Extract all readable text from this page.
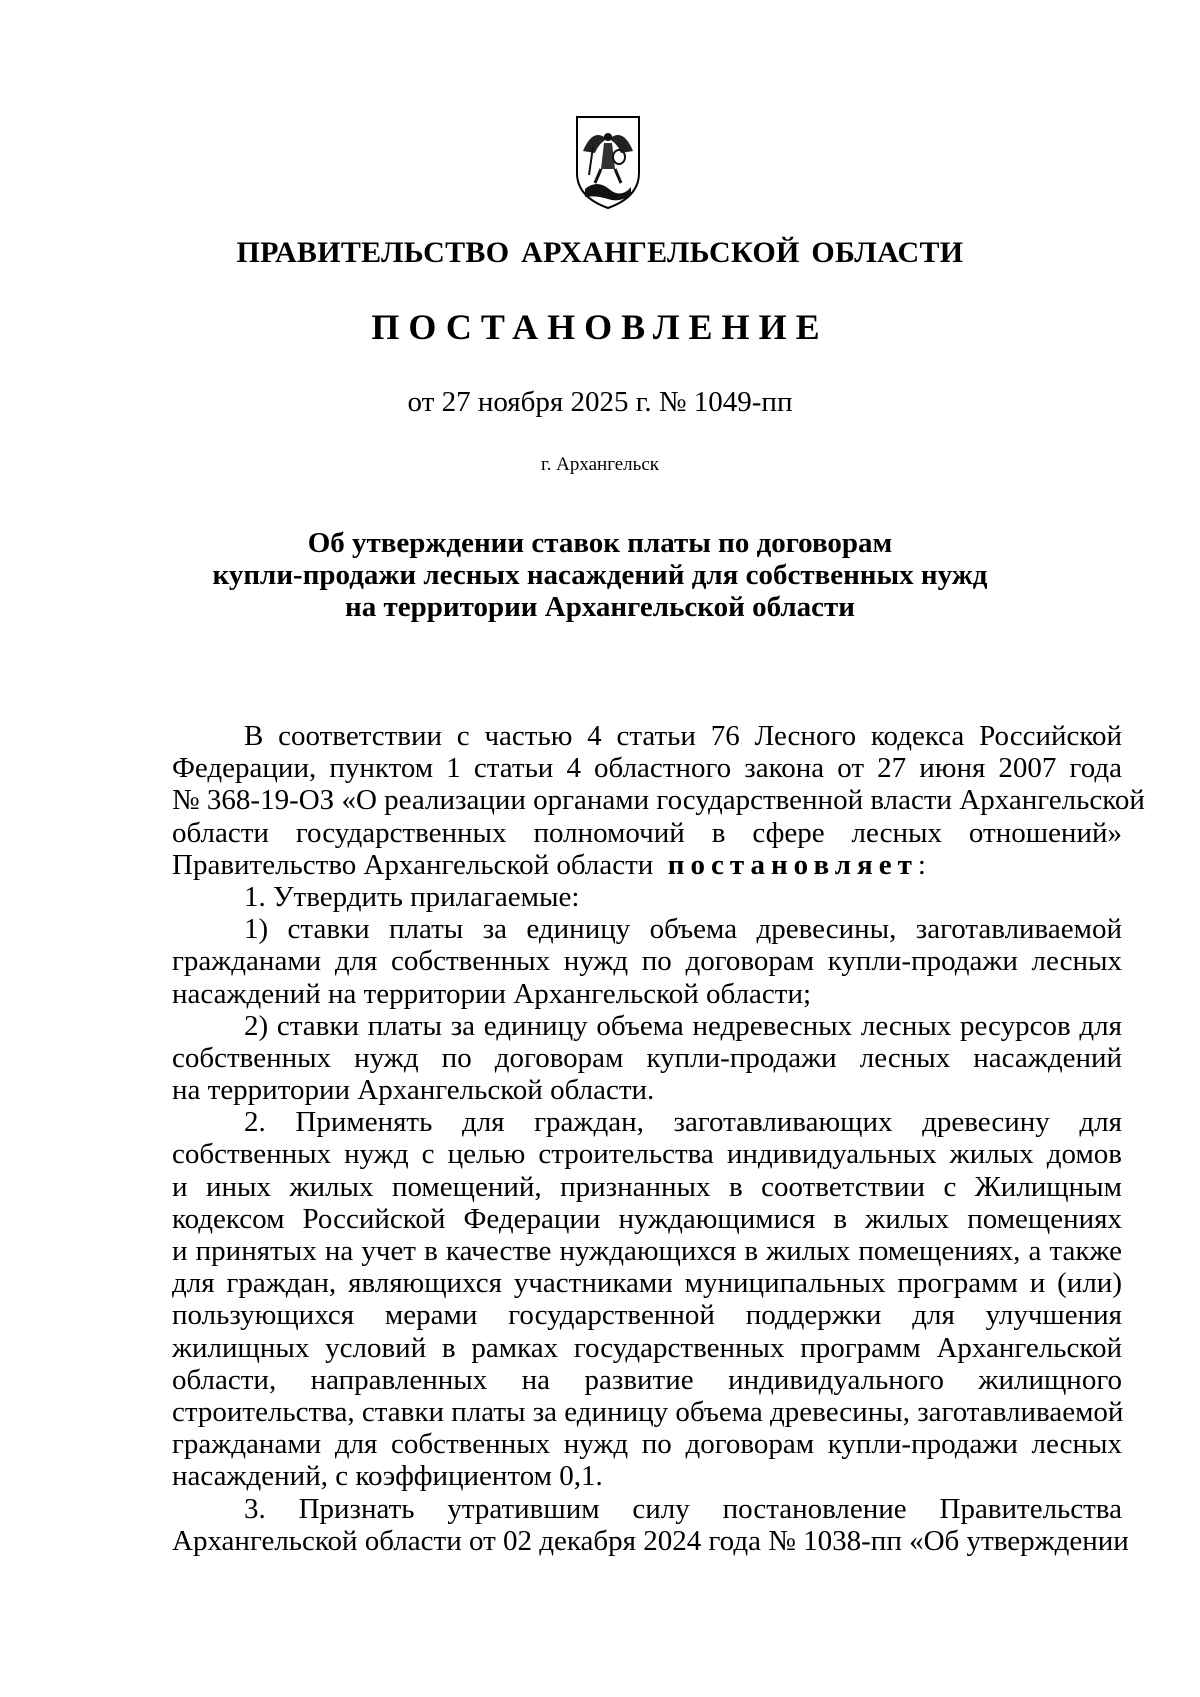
ПРАВИТЕЛЬСТВО АРХАНГЕЛЬСКОЙ ОБЛАСТИ
ПОСТАНОВЛЕНИЕ
от 27 ноября 2025 г. № 1049-пп
г. Архангельск
Об утверждении ставок платы по договорам
купли-продажи лесных насаждений для собственных нужд
на территории Архангельской области
В соответствии с частью 4 статьи 76 Лесного кодекса Российской
Федерации, пунктом 1 статьи 4 областного закона от 27 июня 2007 года
№ 368-19-ОЗ «О реализации органами государственной власти Архангельской
области государственных полномочий в сфере лесных отношений»
Правительство Архангельской области постановляет:
1. Утвердить прилагаемые:
1) ставки платы за единицу объема древесины, заготавливаемой
гражданами для собственных нужд по договорам купли-продажи лесных
насаждений на территории Архангельской области;
2) ставки платы за единицу объема недревесных лесных ресурсов для
собственных нужд по договорам купли-продажи лесных насаждений
на территории Архангельской области.
2. Применять для граждан, заготавливающих древесину для
собственных нужд с целью строительства индивидуальных жилых домов
и иных жилых помещений, признанных в соответствии с Жилищным
кодексом Российской Федерации нуждающимися в жилых помещениях
и принятых на учет в качестве нуждающихся в жилых помещениях, а также
для граждан, являющихся участниками муниципальных программ и (или)
пользующихся мерами государственной поддержки для улучшения
жилищных условий в рамках государственных программ Архангельской
области, направленных на развитие индивидуального жилищного
строительства, ставки платы за единицу объема древесины, заготавливаемой
гражданами для собственных нужд по договорам купли-продажи лесных
насаждений, с коэффициентом 0,1.
3. Признать утратившим силу постановление Правительства
Архангельской области от 02 декабря 2024 года № 1038-пп «Об утверждении
